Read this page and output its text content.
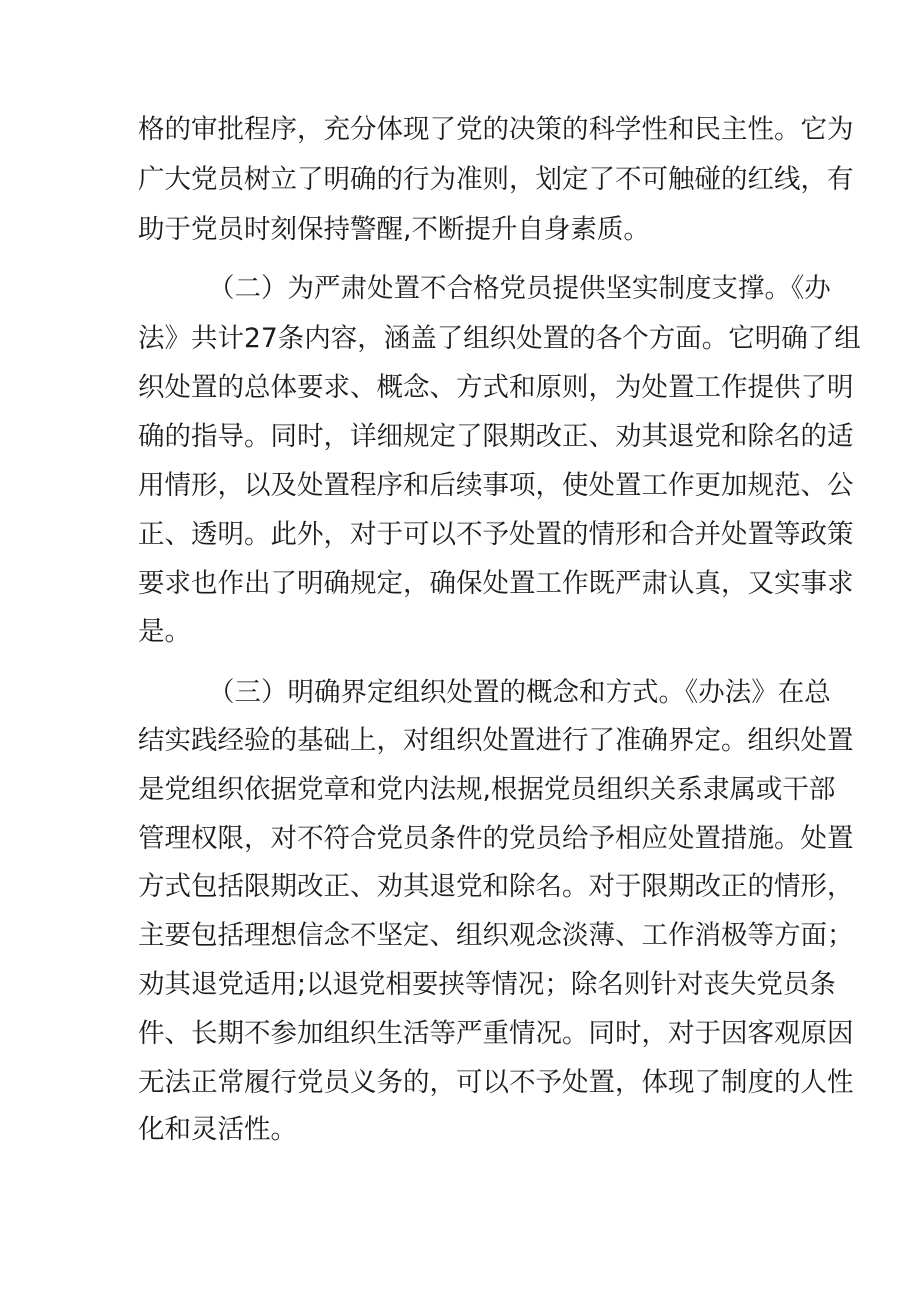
格的审批程序，充分体现了党的决策的科学性和民主性。它为
广大党员树立了明确的行为准则，划定了不可触碰的红线，有
助于党员时刻保持警醒,不断提升自身素质。
（二）为严肃处置不合格党员提供坚实制度支撑。《办
法》共计27条内容，涵盖了组织处置的各个方面。它明确了组
织处置的总体要求、概念、方式和原则，为处置工作提供了明
确的指导。同时，详细规定了限期改正、劝其退党和除名的适
用情形，以及处置程序和后续事项，使处置工作更加规范、公
正、透明。此外，对于可以不予处置的情形和合并处置等政策
要求也作出了明确规定，确保处置工作既严肃认真，又实事求
是。
（三）明确界定组织处置的概念和方式。《办法》在总
结实践经验的基础上，对组织处置进行了准确界定。组织处置
是党组织依据党章和党内法规,根据党员组织关系隶属或干部
管理权限，对不符合党员条件的党员给予相应处置措施。处置
方式包括限期改正、劝其退党和除名。对于限期改正的情形，
主要包括理想信念不坚定、组织观念淡薄、工作消极等方面；
劝其退党适用;以退党相要挟等情况；除名则针对丧失党员条
件、长期不参加组织生活等严重情况。同时，对于因客观原因
无法正常履行党员义务的，可以不予处置，体现了制度的人性
化和灵活性。
